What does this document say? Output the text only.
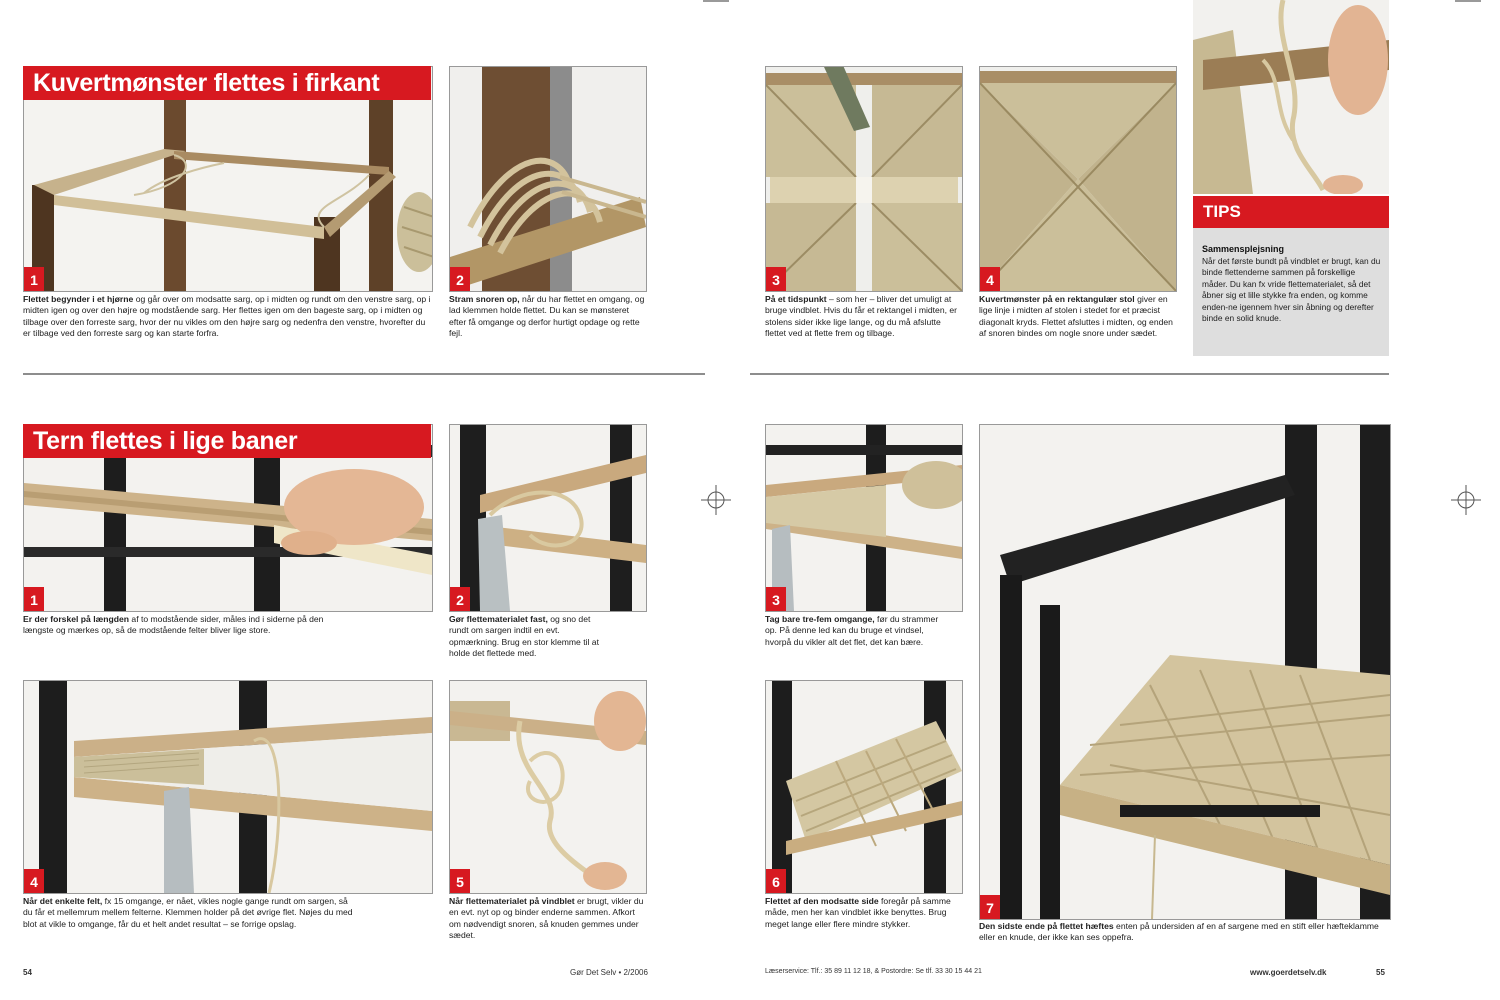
1
Kuvertmønster flettes i firkant
Flettet begynder i et hjørne og går over om modsatte sarg, op i midten og rundt om den venstre sarg, op i midten igen og over den højre og modstående sarg. Her flettes igen om den bageste sarg, op i midten og tilbage over den forreste sarg, hvor der nu vikles om den højre sarg og nedenfra den venstre, hvorefter du er tilbage ved den forreste sarg og kan starte forfra.
2
Stram snoren op, når du har flettet en omgang, og lad klemmen holde flettet. Du kan se mønsteret efter få omgange og derfor hurtigt opdage og rette fejl.
3
På et tidspunkt – som her – bliver det umuligt at bruge vindblet. Hvis du får et rektangel i midten, er stolens sider ikke lige lange, og du må afslutte flettet ved at flette frem og tilbage.
4
Kuvertmønster på en rektangulær stol giver en lige linje i midten af stolen i stedet for et præcist diagonalt kryds. Flettet afsluttes i midten, og enden af snoren bindes om nogle snore under sædet.
TIPS
Sammensplejsning
Når det første bundt på vindblet er brugt, kan du binde flettenderne sammen på forskellige måder. Du kan fx vride flettematerialet, så det åbner sig et lille stykke fra enden, og komme enden-ne igennem hver sin åbning og derefter binde en solid knude.
1
Tern flettes i lige baner
Er der forskel på længden af to modstående sider, måles ind i siderne på den længste og mærkes op, så de modstående felter bliver lige store.
2
Gør flettematerialet fast, og sno det rundt om sargen indtil en evt. opmærkning. Brug en stor klemme til at holde det flettede med.
4
Når det enkelte felt, fx 15 omgange, er nået, vikles nogle gange rundt om sargen, så du får et mellemrum mellem felterne. Klemmen holder på det øvrige flet. Nøjes du med blot at vikle to omgange, får du et helt andet resultat – se forrige opslag.
5
Når flettematerialet på vindblet er brugt, vikler du en evt. nyt op og binder enderne sammen. Afkort om nødvendigt snoren, så knuden gemmes under sædet.
3
Tag bare tre-fem omgange, før du strammer op. På denne led kan du bruge et vindsel, hvorpå du vikler alt det flet, det kan bære.
6
Flettet af den modsatte side foregår på samme måde, men her kan vindblet ikke benyttes. Brug meget lange eller flere mindre stykker.
7
Den sidste ende på flettet hæftes enten på undersiden af en af sargene med en stift eller hæfteklamme eller en knude, der ikke kan ses oppefra.
54	Gør Det Selv • 2/2006	Læserservice: Tlf.: 35 89 11 12 18, & Postordre: Se tlf. 33 30 15 44 21	www.goerdetselv.dk	55
